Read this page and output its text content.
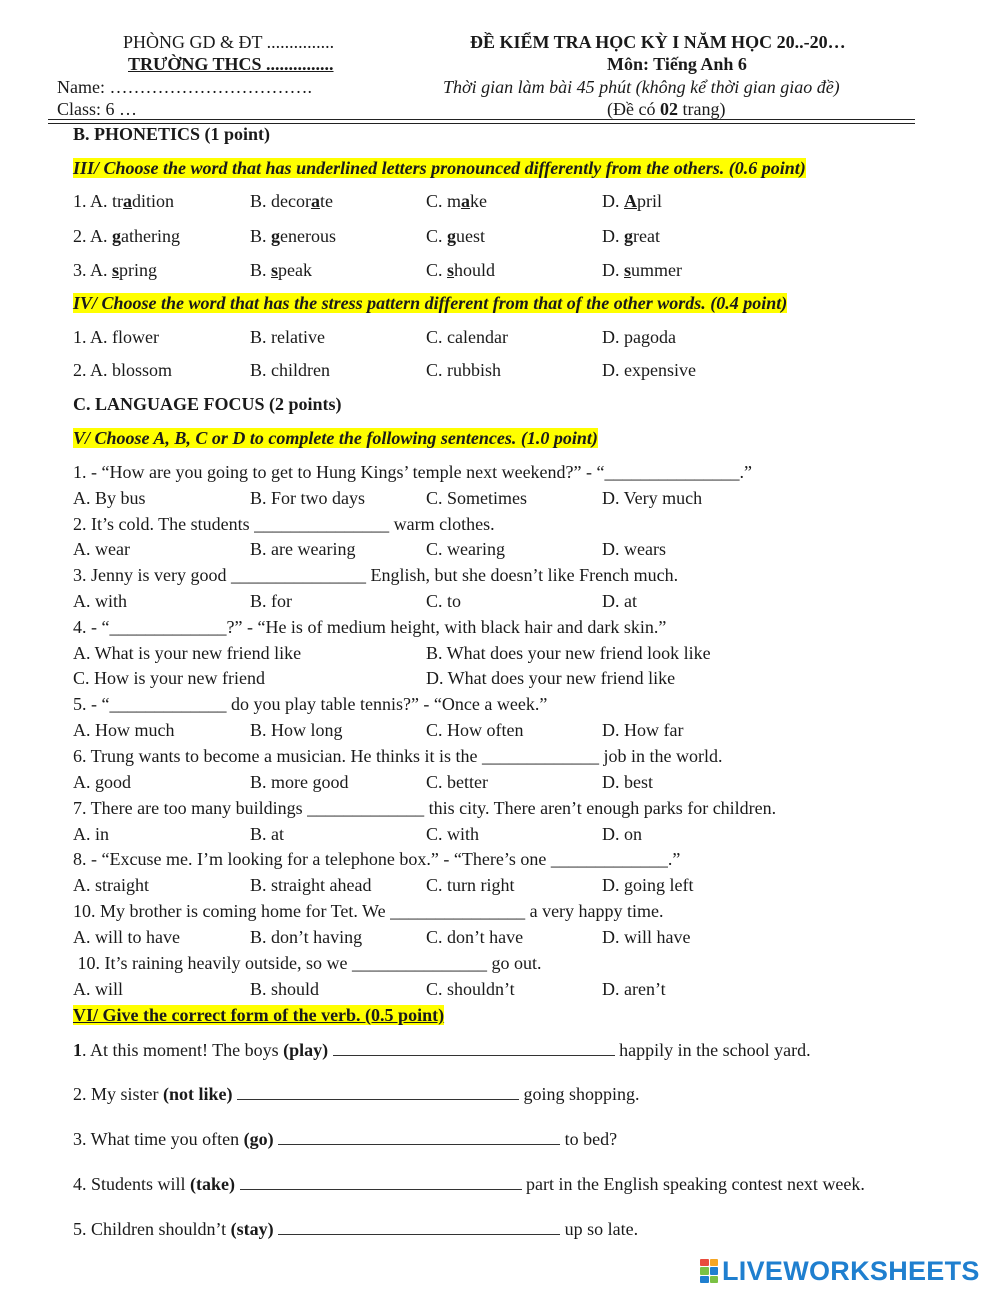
PHÒNG GD & ĐT ...............
TRƯỜNG THCS ...............
Name: …………………………….
Class: 6 …
ĐỀ KIỂM TRA HỌC KỲ I NĂM HỌC 20..-20…
Môn: Tiếng Anh 6
Thời gian làm bài 45 phút (không kể thời gian giao đề)
(Đề có 02 trang)
B. PHONETICS (1 point)
III/ Choose the word that has underlined letters pronounced differently from the others. (0.6 point)
1. A. tradition	B. decorate	C. make	D. April
2. A. gathering	B. generous	C. guest	D. great
3. A. spring	B. speak	C. should	D. summer
IV/ Choose the word that has the stress pattern different from that of the other words. (0.4 point)
1. A. flower	B. relative	C. calendar	D. pagoda
2. A. blossom	B. children	C. rubbish	D. expensive
C. LANGUAGE FOCUS (2 points)
V/ Choose A, B, C or D to complete the following sentences. (1.0 point)
1. - “How are you going to get to Hung Kings’ temple next weekend?” - “_______________.”
A. By bus	B. For two days	C. Sometimes	D. Very much
2. It’s cold. The students _______________ warm clothes.
A. wear	B. are wearing	C. wearing	D. wears
3. Jenny is very good _______________ English, but she doesn’t like French much.
A. with	B. for	C. to	D. at
4. - “_____________?” - “He is of medium height, with black hair and dark skin.”
A. What is your new friend like	B. What does your new friend look like
C. How is your new friend	D. What does your new friend like
5. - “_____________ do you play table tennis?” - “Once a week.”
A. How much	B. How long	C. How often	D. How far
6. Trung wants to become a musician. He thinks it is the _____________ job in the world.
A. good	B. more good	C. better	D. best
7. There are too many buildings _____________ this city. There aren’t enough parks for children.
A. in	B. at	C. with	D. on
8. - “Excuse me. I’m looking for a telephone box.” - “There’s one _____________.”
A. straight	B. straight ahead	C. turn right	D. going left
10. My brother is coming home for Tet. We _______________ a very happy time.
A. will to have	B. don’t having	C. don’t have	D. will have
10. It’s raining heavily outside, so we _______________ go out.
A. will	B. should	C. shouldn’t	D. aren’t
VI/ Give the correct form of the verb. (0.5 point)
1. At this moment! The boys (play)	happily in the school yard.
2. My sister (not like)	going shopping.
3. What time you often (go)	to bed?
4. Students will (take)	part in the English speaking contest next week.
5. Children shouldn’t (stay)	up so late.
LIVEWORKSHEETS
